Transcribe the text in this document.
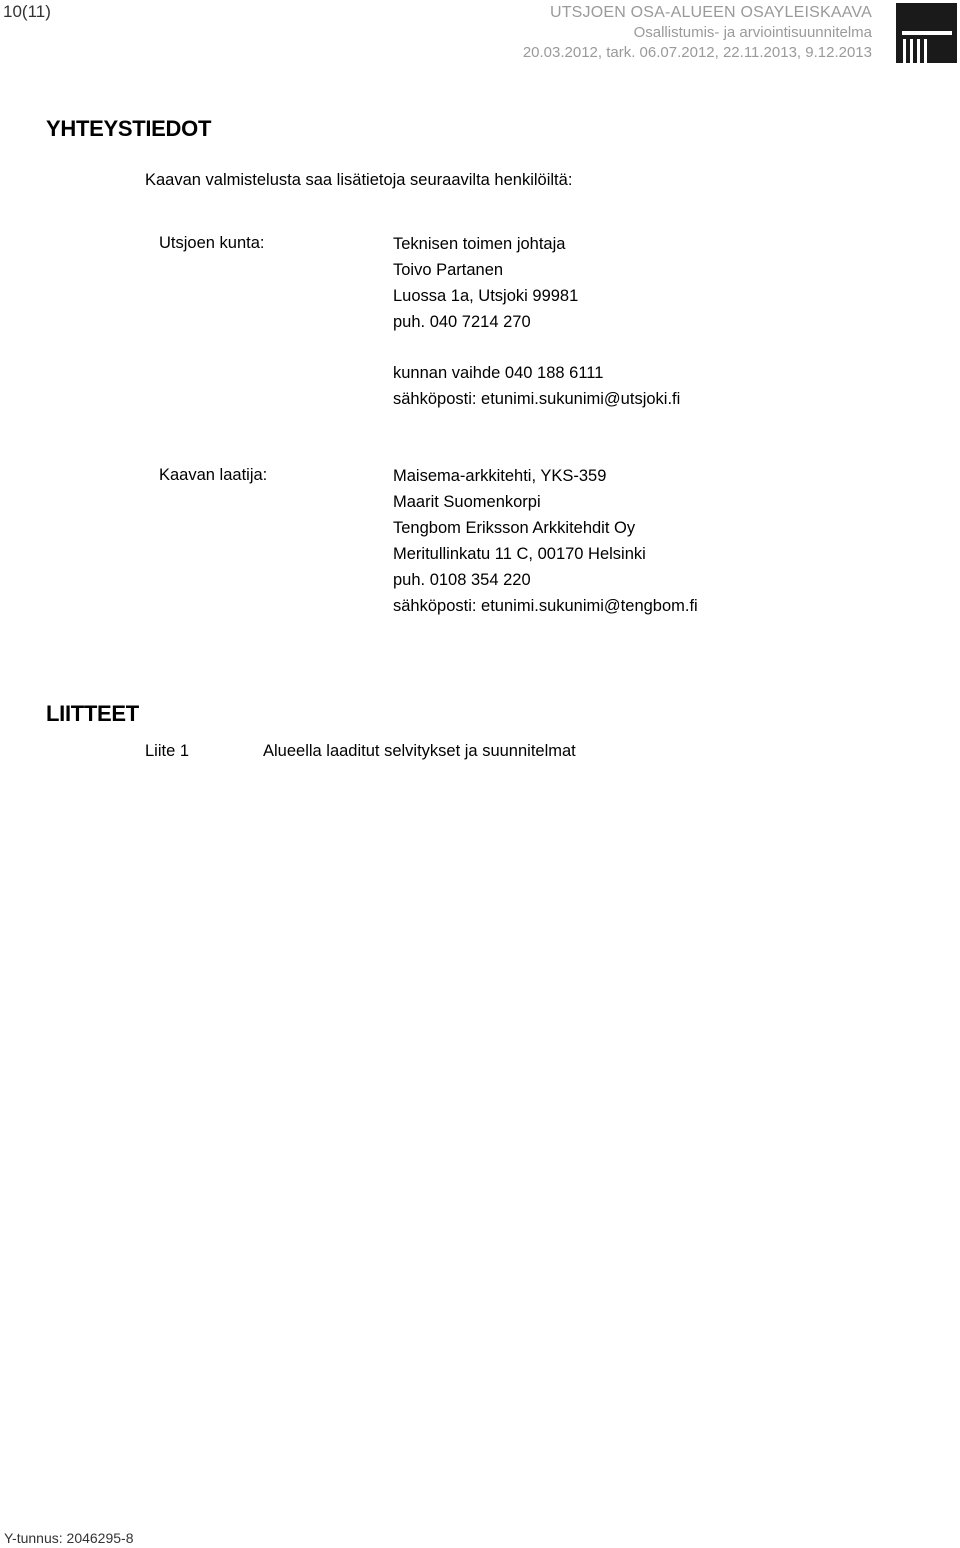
10(11)	UTSJOEN OSA-ALUEEN OSAYLEISKAAVA
Osallistumis- ja arviointisuunnitelma
20.03.2012, tark. 06.07.2012, 22.11.2013, 9.12.2013
YHTEYSTIEDOT
Kaavan valmistelusta saa lisätietoja seuraavilta henkilöiltä:
Utsjoen kunta:	Teknisen toimen johtaja
Toivo Partanen
Luossa 1a, Utsjoki 99981
puh. 040 7214 270
kunnan vaihde 040 188 6111
sähköposti: etunimi.sukunimi@utsjoki.fi
Kaavan laatija:	Maisema-arkkitehti, YKS-359
Maarit Suomenkorpi
Tengbom Eriksson Arkkitehdit Oy
Meritullinkatu 11 C, 00170 Helsinki
puh. 0108 354 220
sähköposti: etunimi.sukunimi@tengbom.fi
LIITTEET
Liite 1	Alueella laaditut selvitykset ja suunnitelmat
Y-tunnus: 2046295-8
